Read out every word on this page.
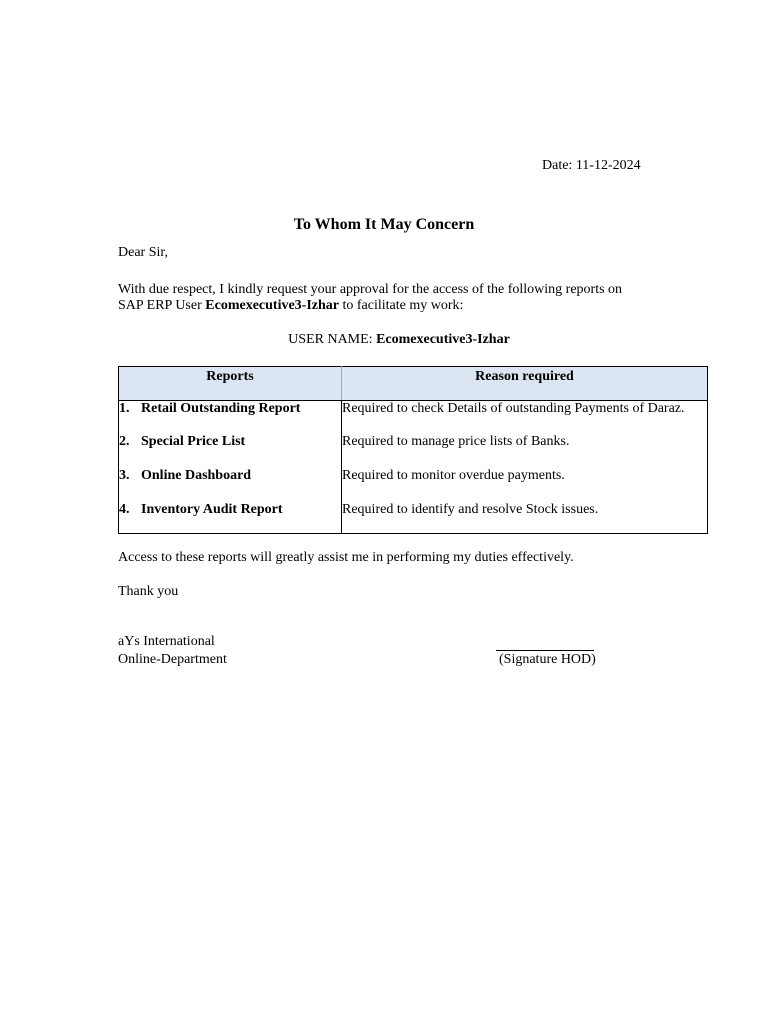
Date: 11-12-2024
To Whom It May Concern
Dear Sir,
With due respect, I kindly request your approval for the access of the following reports on
SAP ERP User Ecomexecutive3-Izhar to facilitate my work:
USER NAME: Ecomexecutive3-Izhar
Reports	Reason required
1. Retail Outstanding Report	Required to check Details of outstanding Payments of Daraz.
2. Special Price List	Required to manage price lists of Banks.
3. Online Dashboard	Required to monitor overdue payments.
4. Inventory Audit Report	Required to identify and resolve Stock issues.
Access to these reports will greatly assist me in performing my duties effectively.
Thank you
aYs International
Online-Department	(Signature HOD)
